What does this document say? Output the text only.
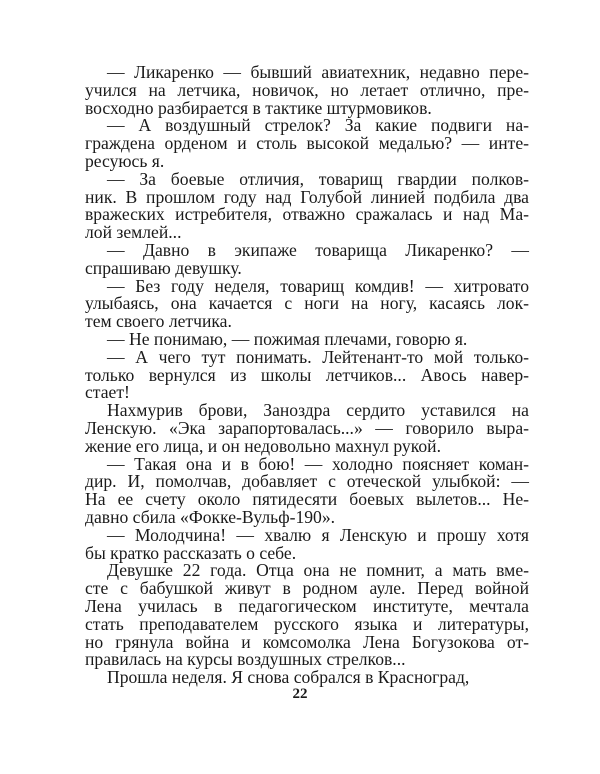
— Ликаренко — бывший авиатехник, недавно пере-
учился на летчика, новичок, но летает отлично, пре-
восходно разбирается в тактике штурмовиков.
— А воздушный стрелок? За какие подвиги на-
граждена орденом и столь высокой медалью? — инте-
ресуюсь я.
— За боевые отличия, товарищ гвардии полков-
ник. В прошлом году над Голубой линией подбила два
вражеских истребителя, отважно сражалась и над Ма-
лой землей...
— Давно в экипаже товарища Ликаренко? —
спрашиваю девушку.
— Без году неделя, товарищ комдив! — хитровато
улыбаясь, она качается с ноги на ногу, касаясь лок-
тем своего летчика.
— Не понимаю, — пожимая плечами, говорю я.
— А чего тут понимать. Лейтенант-то мой только-
только вернулся из школы летчиков... Авось навер-
стает!
Нахмурив брови, Заноздра сердито уставился на
Ленскую. «Эка зарапортовалась...» — говорило выра-
жение его лица, и он недовольно махнул рукой.
— Такая она и в бою! — холодно поясняет коман-
дир. И, помолчав, добавляет с отеческой улыбкой: —
На ее счету около пятидесяти боевых вылетов... Не-
давно сбила «Фокке-Вульф-190».
— Молодчина! — хвалю я Ленскую и прошу хотя
бы кратко рассказать о себе.
Девушке 22 года. Отца она не помнит, а мать вме-
сте с бабушкой живут в родном ауле. Перед войной
Лена училась в педагогическом институте, мечтала
стать преподавателем русского языка и литературы,
но грянула война и комсомолка Лена Богузокова от-
правилась на курсы воздушных стрелков...
Прошла неделя. Я снова собрался в Красноград,
22
